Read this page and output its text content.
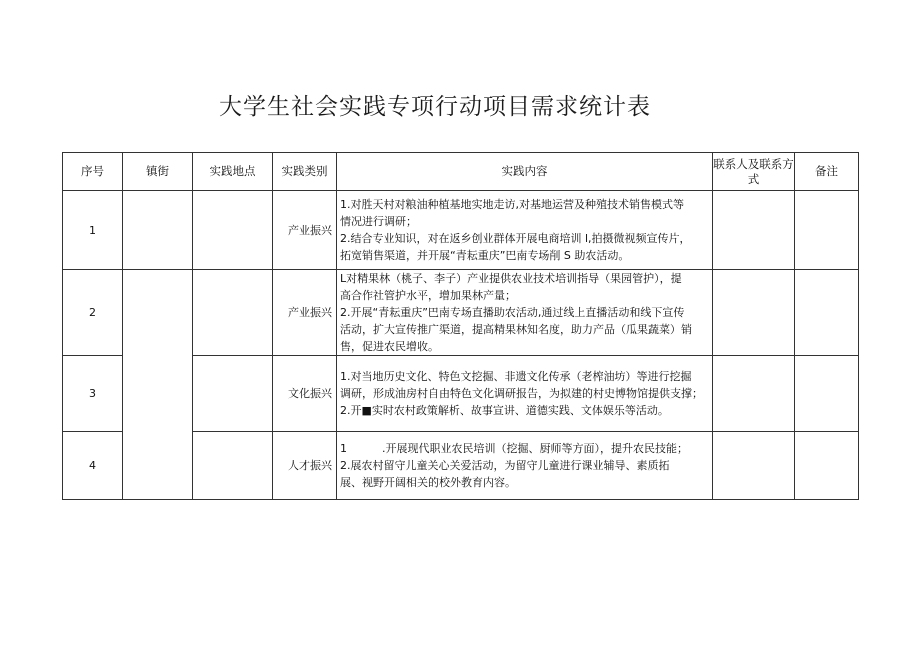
大学生社会实践专项行动项目需求统计表
序号	镇街	实践地点	实践类别	实践内容	联系人及联系方式	备注
1			产业振兴	1.对胜天村对粮油种植基地实地走访,对基地运营及种殖技术销售模式等
情况进行调研；
2.结合专业知识，对在返乡创业群体开展电商培训 l,拍摄微视频宣传片，
拓宽销售渠道，并开展“青耘重庆”巴南专场削 S 助农活动。		

2			产业振兴	L对精果林（桃子、李子）产业提供农业技术培训指导（果园管护），提
高合作社管护水平，增加果林产量；
2.开展“青耘重庆”巴南专场直播助农活动,通过线上直播活动和线下宣传
活动，扩大宣传推广渠道，提高精果林知名度，助力产品（瓜果蔬菜）销
售，促进农民增收。		

3			文化振兴	1.对当地历史文化、特色文挖掘、非遗文化传承（老榨油坊）等进行挖掘
调研，形成油房村自由特色文化调研报告，为拟建的村史博物馆提供支撑；
2.开■实时农村政策解析、故事宣讲、道德实践、文体娱乐等活动。		

4			人才振兴	1          .开展现代职业农民培训（挖掘、厨师等方面），提升农民技能；
2.展农村留守儿童关心关爱活动，为留守儿童进行课业辅导、素质拓
展、视野开阔相关的校外教育内容。		
